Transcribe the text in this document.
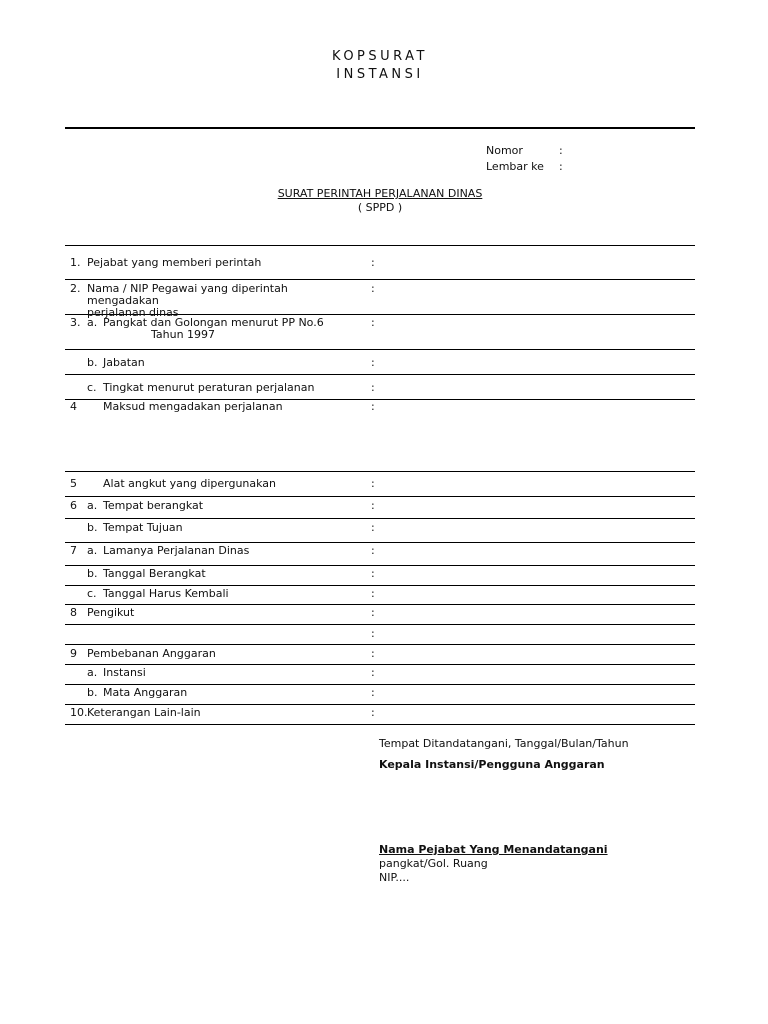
KOPSURAT
INSTANSI
Nomor	:
Lembar ke :
SURAT PERINTAH PERJALANAN DINAS
( SPPD )
1. Pejabat yang memberi perintah	:
2. Nama / NIP Pegawai yang diperintah mengadakan
perjalanan dinas
:
3. a. Pangkat dan Golongan menurut PP No.6
Tahun 1997
:
b. Jabatan	:
c. Tingkat menurut peraturan perjalanan	:
4 Maksud mengadakan perjalanan	:
5 Alat angkut yang dipergunakan	:
6 a. Tempat berangkat	:
b. Tempat Tujuan	:
7 a. Lamanya Perjalanan Dinas	:
b. Tanggal Berangkat	:
c. Tanggal Harus Kembali	:
8 Pengikut	:
:
9 Pembebanan Anggaran	:
a. Instansi	:
b. Mata Anggaran	:
10. Keterangan Lain-lain	:
Tempat Ditandatangani, Tanggal/Bulan/Tahun
Kepala Instansi/Pengguna Anggaran
Nama Pejabat Yang Menandatangani
pangkat/Gol. Ruang
NIP....
